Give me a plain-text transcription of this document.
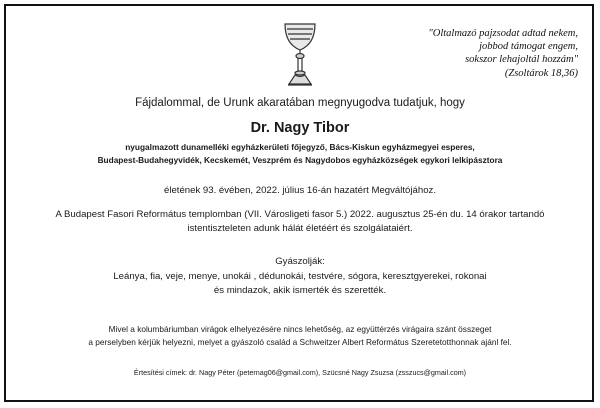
"Oltalmazó pajzsodat adtad nekem,
jobbod támogat engem,
sokszor lehajoltál hozzám"
(Zsoltárok 18,36)
Fájdalommal, de Urunk akaratában megnyugodva tudatjuk, hogy
Dr. Nagy Tibor
nyugalmazott dunamelléki egyházkerületi főjegyző, Bács-Kiskun egyházmegyei esperes,
Budapest-Budahegyvidék, Kecskemét, Veszprém és Nagydobos egyházközségek egykori lelkipásztora
életének 93. évében, 2022. július 16-án hazatért Megváltójához.
A Budapest Fasori Református templomban (VII. Városligeti fasor 5.) 2022. augusztus 25-én du. 14 órakor tartandó
istentiszteleten adunk hálát életéért és szolgálataiért.
Gyászolják:
Leánya, fia, veje, menye, unokái , dédunokái, testvére, sógora, keresztgyerekei, rokonai
és mindazok, akik ismerték és szerették.
Mivel a kolumbáriumban virágok elhelyezésére nincs lehetőség, az együttérzés virágaira szánt összeget
a perselyben kérjük helyezni, melyet a gyászoló család a Schweitzer Albert Református Szeretetotthonnak ajánl fel.
Értesítési címek: dr. Nagy Péter (peternag06@gmail.com), Szücsné Nagy Zsuzsa (zsszucs@gmail.com)
